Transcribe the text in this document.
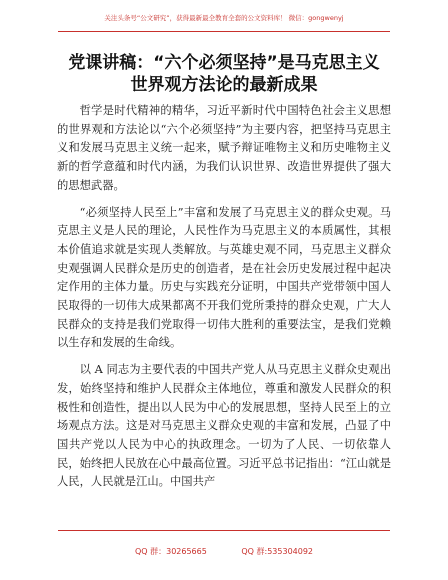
关注头条号“公文研究”，获得最新最全教育全套的公文资料库！ 微信：gongwenyj
党课讲稿：“六个必须坚持”是马克思主义世界观方法论的最新成果

哲学是时代精神的精华，习近平新时代中国特色社会主义思想的世界观和方法论以“六个必须坚持”为主要内容，把坚持马克思主义和发展马克思主义统一起来，赋予辩证唯物主义和历史唯物主义新的哲学意蕴和时代内涵，为我们认识世界、改造世界提供了强大的思想武器。

“必须坚持人民至上”丰富和发展了马克思主义的群众史观。马克思主义是人民的理论，人民性作为马克思主义的本质属性，其根本价值追求就是实现人类解放。与英雄史观不同，马克思主义群众史观强调人民群众是历史的创造者，是在社会历史发展过程中起决定作用的主体力量。历史与实践充分证明，中国共产党带领中国人民取得的一切伟大成果都离不开我们党所秉持的群众史观，广大人民群众的支持是我们党取得一切伟大胜利的重要法宝，是我们党赖以生存和发展的生命线。

以 A 同志为主要代表的中国共产党人从马克思主义群众史观出发，始终坚持和维护人民群众主体地位，尊重和激发人民群众的积极性和创造性，提出以人民为中心的发展思想，坚持人民至上的立场观点方法。这是对马克思主义群众史观的丰富和发展，凸显了中国共产党以人民为中心的执政理念。一切为了人民、一切依靠人民，始终把人民放在心中最高位置。习近平总书记指出：“江山就是人民，人民就是江山。中国共产

QQ 群：30265665	QQ 群:535304092
